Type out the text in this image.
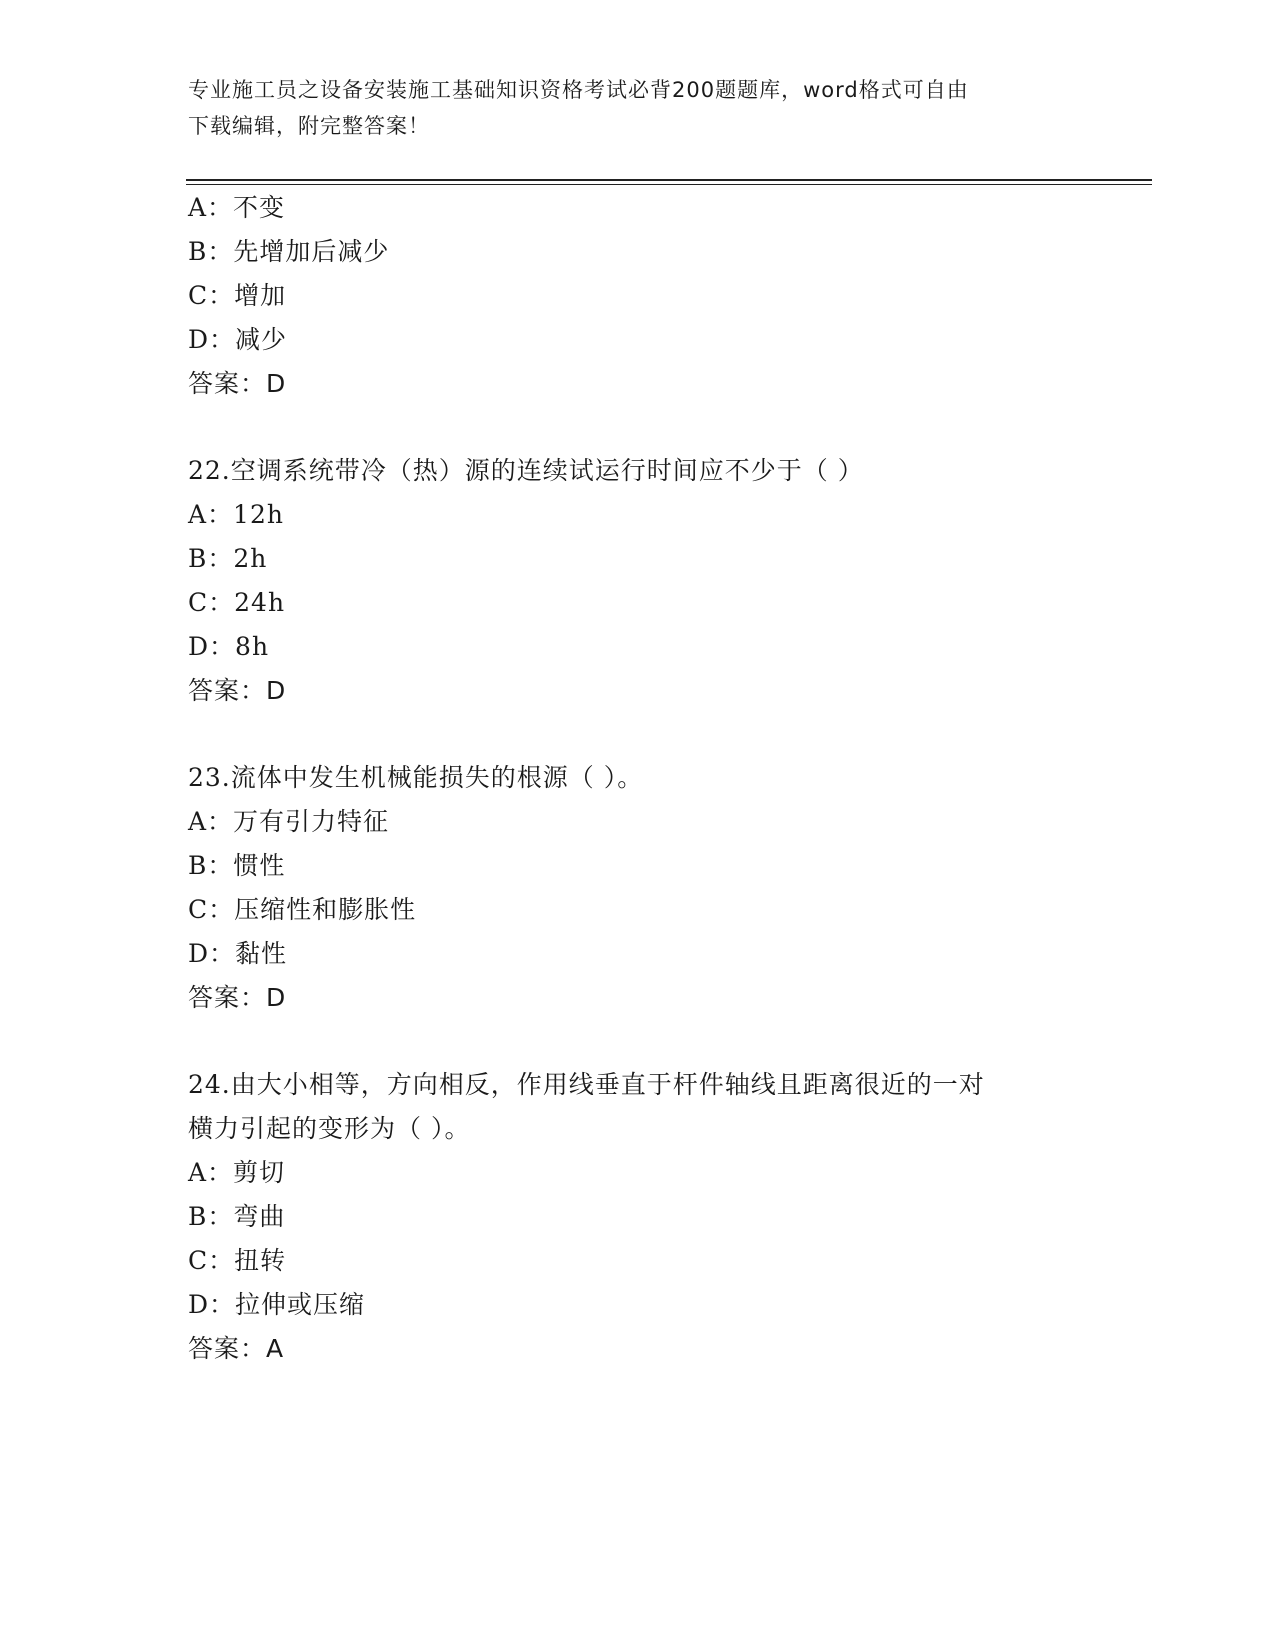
专业施工员之设备安装施工基础知识资格考试必背200题题库，word格式可自由
下载编辑，附完整答案！
A：不变
B：先增加后减少
C：增加
D：减少
答案：D
22.空调系统带冷（热）源的连续试运行时间应不少于（ ）
A：12h
B：2h
C：24h
D：8h
答案：D
23.流体中发生机械能损失的根源（ ）。
A：万有引力特征
B：惯性
C：压缩性和膨胀性
D：黏性
答案：D
24.由大小相等，方向相反，作用线垂直于杆件轴线且距离很近的一对
横力引起的变形为（ ）。
A：剪切
B：弯曲
C：扭转
D：拉伸或压缩
答案：A
